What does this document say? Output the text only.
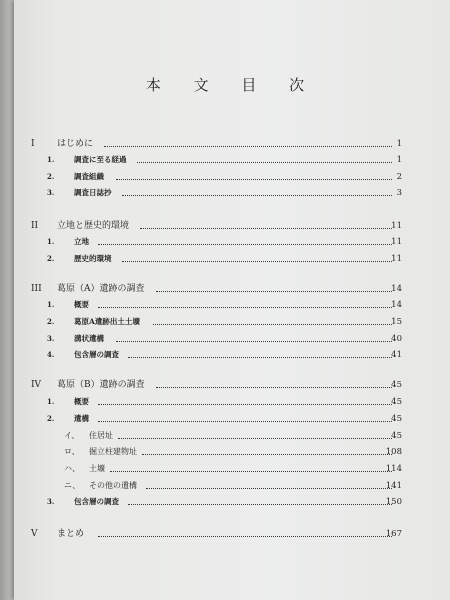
本 文 目 次
I はじめに	1
1.	調査に至る経過	1
2.	調査組織	2
3.	調査日誌抄	3
II 立地と歴史的環境	11
1.	立地	11
2.	歴史的環境	11
III 葛原（A）遺跡の調査	14
1.	概要	14
2.	葛原A遺跡出土土壙	15
3.	溝状遺構	40
4.	包含層の調査	41
IV 葛原（B）遺跡の調査	45
1.	概要	45
2.	遺構	45
イ、 住居址	45
ロ、 掘立柱建物址	108
ハ、 土壙	114
ニ、 その他の遺構	141
3.	包含層の調査	150
V まとめ	167
